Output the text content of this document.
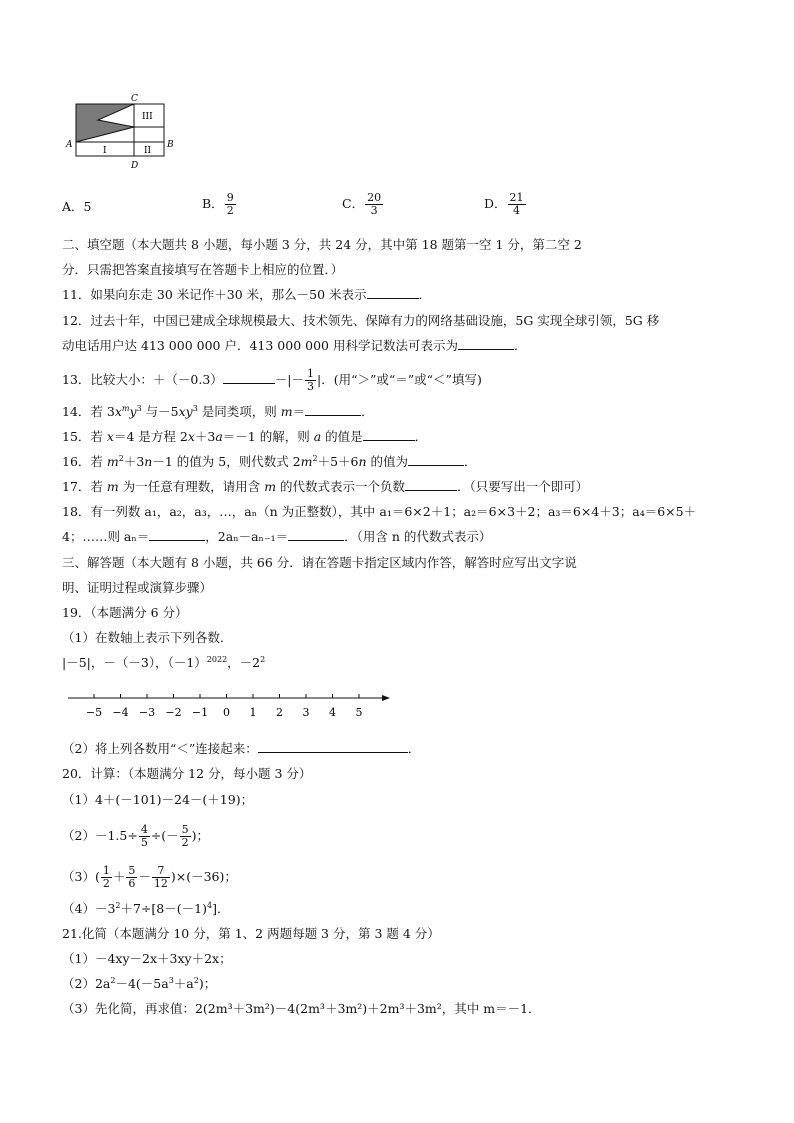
C
A	B
D
I	II
III
A．5	B． $\frac{9}{2}$	C． $\frac{20}{3}$	D． $\frac{21}{4}$
二、填空题（本大题共 8 小题，每小题 3 分，共 24 分，其中第 18 题第一空 1 分，第二空 2
分．只需把答案直接填写在答题卡上相应的位置．）
11．如果向东走 30 米记作＋30 米，那么－50 米表示	．
12．过去十年，中国已建成全球规模最大、技术领先、保障有力的网络基础设施，5G 实现全球引领，5G 移
动电话用户达 413 000 000 户．413 000 000 用科学记数法可表示为	．
13．比较大小：＋（－0.3）	－|－ $\frac{1}{3}$ |．(用“＞”或“＝”或“＜”填写)
14．若 $3x^my^3$ 与$-5xy^3$ 是同类项，则 m＝	．
15．若 x＝4 是方程 2x＋3a＝－1 的解，则 a 的值是	．
16．若 $m^2+3n-1$ 的值为 5，则代数式 $2m^2+5+6n$ 的值为	．
17．若 m 为一任意有理数，请用含 m 的代数式表示一个负数	．（只要写出一个即可）
18．有一列数 a₁，a₂，a₃，…，aₙ（n 为正整数），其中 a₁＝6×2＋1；a₂＝6×3＋2；a₃＝6×4＋3；a₄＝6×5＋
4；……则 aₙ＝	，2aₙ－aₙ₋₁＝	．（用含 n 的代数式表示）
三、解答题（本大题有 8 小题，共 66 分．请在答题卡指定区域内作答，解答时应写出文字说
明、证明过程或演算步骤）
19．（本题满分 6 分）
（1）在数轴上表示下列各数．
|－5|，－（－3），$(-1)^{2022}$，$-2^2$
−5 −4 −3 −2 −1 0 1 2 3 4 5
（2）将上列各数用“＜”连接起来：	．
20．计算：（本题满分 12 分，每小题 3 分）
（1）4＋(－101)－24－(＋19)；
$(2)-1.5\div \frac{4}{5}$ ÷(－ $\frac{5}{2}$ )；
$(3)( \frac{1}{2} + \frac{5}{6} - \frac{7}{12} )\times(-36)$；
$(4)-3^2+7\div[8-(-1)^4]$．
21.化简（本题满分 10 分，第 1、2 两题每题 3 分，第 3 题 4 分）
（1）－4xy－2x＋3xy＋2x；
$(2)2a^2-4(-5a^3+a^2)$；
（3）先化简，再求值：2(2m³＋3m²)－4(2m³＋3m²)＋2m³＋3m²，其中 m＝－1．
